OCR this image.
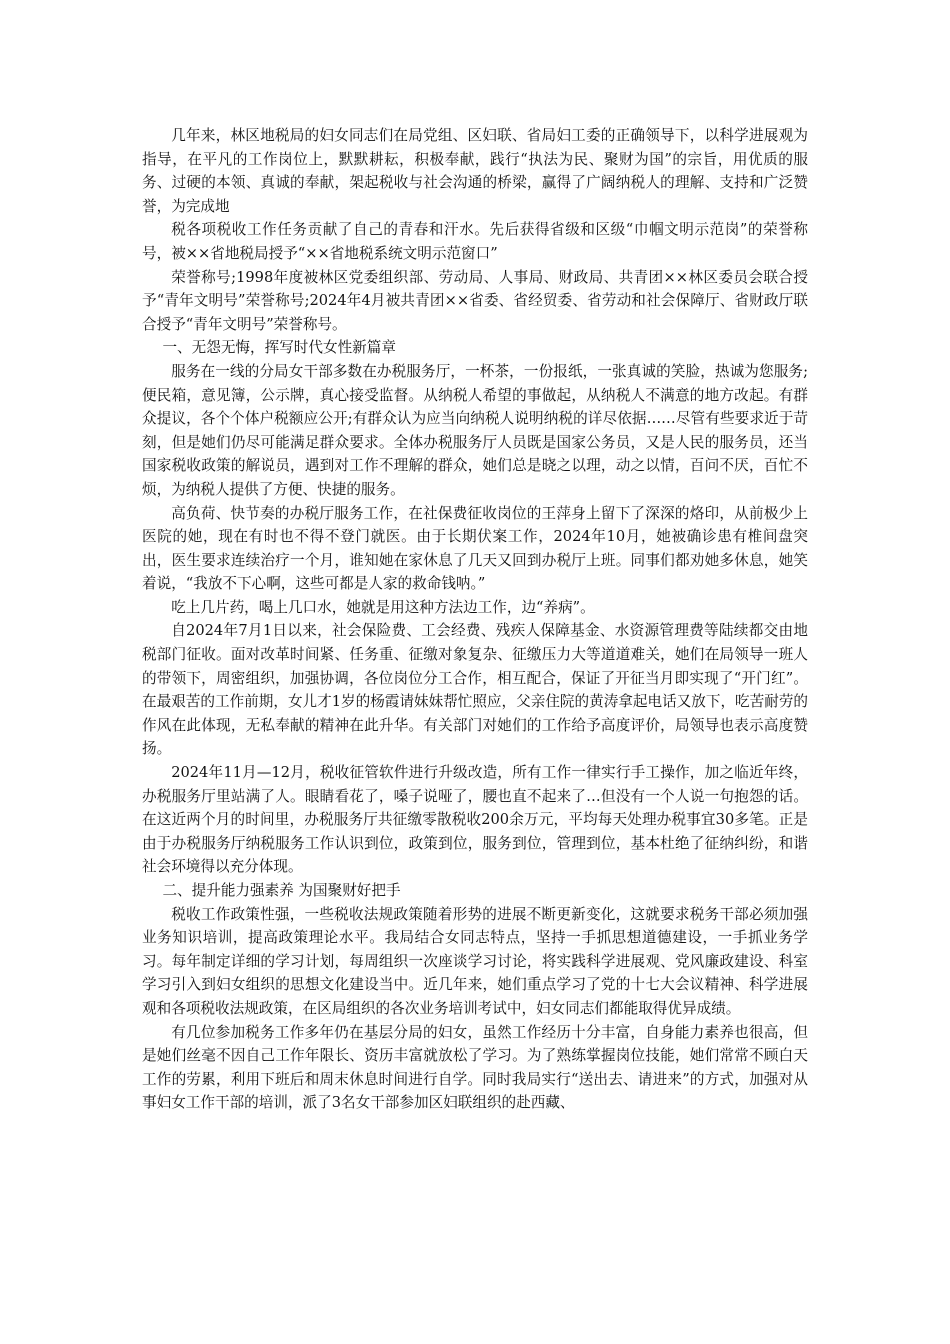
几年来，林区地税局的妇女同志们在局党组、区妇联、省局妇工委的正确领导下，以科学进展观为指导，在平凡的工作岗位上，默默耕耘，积极奉献，践行“执法为民、聚财为国”的宗旨，用优质的服务、过硬的本领、真诚的奉献，架起税收与社会沟通的桥梁，赢得了广阔纳税人的理解、支持和广泛赞誉，为完成地

税各项税收工作任务贡献了自己的青春和汗水。先后获得省级和区级“巾帼文明示范岗”的荣誉称号，被××省地税局授予“××省地税系统文明示范窗口”

荣誉称号;1998年度被林区党委组织部、劳动局、人事局、财政局、共青团××林区委员会联合授予“青年文明号”荣誉称号;2024年4月被共青团××省委、省经贸委、省劳动和社会保障厅、省财政厅联合授予“青年文明号”荣誉称号。

一、无怨无悔，挥写时代女性新篇章

服务在一线的分局女干部多数在办税服务厅，一杯茶，一份报纸，一张真诚的笑脸，热诚为您服务;便民箱，意见簿，公示牌，真心接受监督。从纳税人希望的事做起，从纳税人不满意的地方改起。有群众提议，各个个体户税额应公开;有群众认为应当向纳税人说明纳税的详尽依据……尽管有些要求近于苛刻，但是她们仍尽可能满足群众要求。全体办税服务厅人员既是国家公务员，又是人民的服务员，还当国家税收政策的解说员，遇到对工作不理解的群众，她们总是晓之以理，动之以情，百问不厌，百忙不烦，为纳税人提供了方便、快捷的服务。

高负荷、快节奏的办税厅服务工作，在社保费征收岗位的王萍身上留下了深深的烙印，从前极少上医院的她，现在有时也不得不登门就医。由于长期伏案工作，2024年10月，她被确诊患有椎间盘突出，医生要求连续治疗一个月，谁知她在家休息了几天又回到办税厅上班。同事们都劝她多休息，她笑着说，“我放不下心啊，这些可都是人家的救命钱呐。”

吃上几片药，喝上几口水，她就是用这种方法边工作，边“养病”。

自2024年7月1日以来，社会保险费、工会经费、残疾人保障基金、水资源管理费等陆续都交由地税部门征收。面对改革时间紧、任务重、征缴对象复杂、征缴压力大等道道难关，她们在局领导一班人的带领下，周密组织，加强协调，各位岗位分工合作，相互配合，保证了开征当月即实现了“开门红”。在最艰苦的工作前期，女儿才1岁的杨霞请妹妹帮忙照应，父亲住院的黄涛拿起电话又放下，吃苦耐劳的作风在此体现，无私奉献的精神在此升华。有关部门对她们的工作给予高度评价，局领导也表示高度赞扬。

2024年11月—12月，税收征管软件进行升级改造，所有工作一律实行手工操作，加之临近年终，办税服务厅里站满了人。眼睛看花了，嗓子说哑了，腰也直不起来了…但没有一个人说一句抱怨的话。在这近两个月的时间里，办税服务厅共征缴零散税收200余万元，平均每天处理办税事宜30多笔。正是由于办税服务厅纳税服务工作认识到位，政策到位，服务到位，管理到位，基本杜绝了征纳纠纷，和谐社会环境得以充分体现。

二、提升能力强素养 为国聚财好把手

税收工作政策性强，一些税收法规政策随着形势的进展不断更新变化，这就要求税务干部必须加强业务知识培训，提高政策理论水平。我局结合女同志特点，坚持一手抓思想道德建设，一手抓业务学习。每年制定详细的学习计划，每周组织一次座谈学习讨论，将实践科学进展观、党风廉政建设、科室学习引入到妇女组织的思想文化建设当中。近几年来，她们重点学习了党的十七大会议精神、科学进展观和各项税收法规政策，在区局组织的各次业务培训考试中，妇女同志们都能取得优异成绩。

有几位参加税务工作多年仍在基层分局的妇女，虽然工作经历十分丰富，自身能力素养也很高，但是她们丝毫不因自己工作年限长、资历丰富就放松了学习。为了熟练掌握岗位技能，她们常常不顾白天工作的劳累，利用下班后和周末休息时间进行自学。同时我局实行“送出去、请进来”的方式，加强对从事妇女工作干部的培训，派了3名女干部参加区妇联组织的赴西藏、
